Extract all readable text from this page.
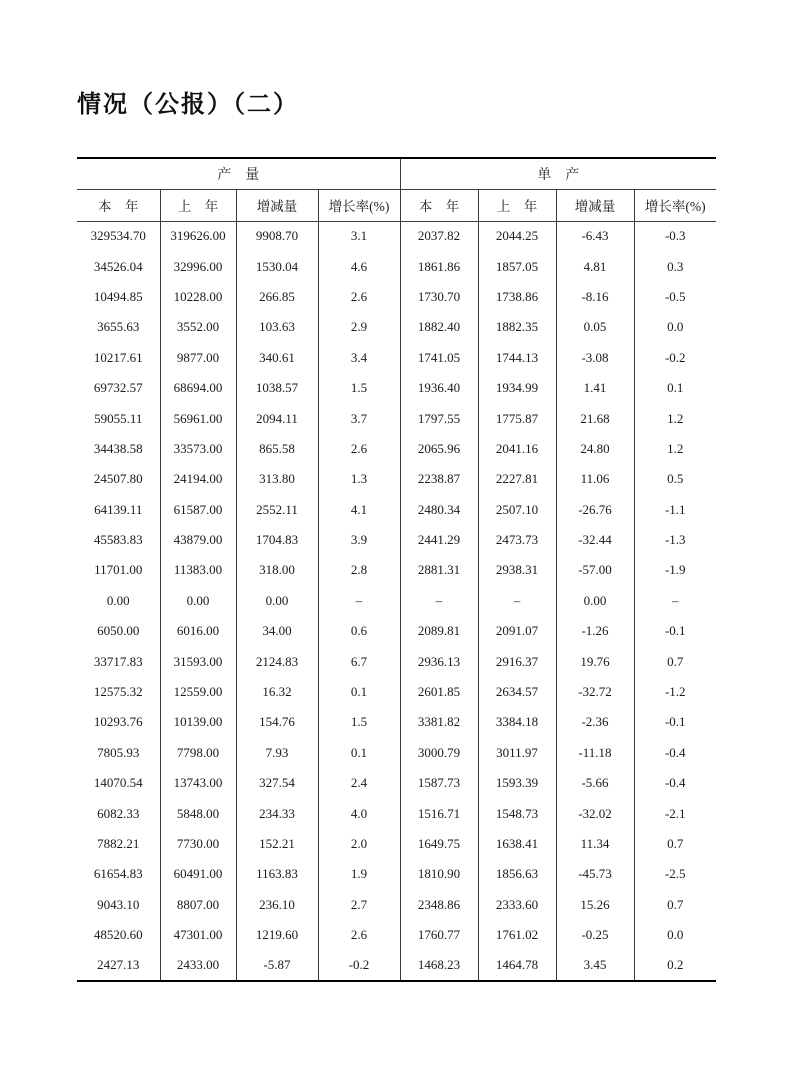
情况（公报）（二）
产　量				单　产			
本　年	上　年	增减量	增长率(%)	本　年	上　年	增减量	增长率(%)
329534.70	319626.00	9908.70	3.1	2037.82	2044.25	-6.43	-0.3
34526.04	32996.00	1530.04	4.6	1861.86	1857.05	4.81	0.3
10494.85	10228.00	266.85	2.6	1730.70	1738.86	-8.16	-0.5
3655.63	3552.00	103.63	2.9	1882.40	1882.35	0.05	0.0
10217.61	9877.00	340.61	3.4	1741.05	1744.13	-3.08	-0.2
69732.57	68694.00	1038.57	1.5	1936.40	1934.99	1.41	0.1
59055.11	56961.00	2094.11	3.7	1797.55	1775.87	21.68	1.2
34438.58	33573.00	865.58	2.6	2065.96	2041.16	24.80	1.2
24507.80	24194.00	313.80	1.3	2238.87	2227.81	11.06	0.5
64139.11	61587.00	2552.11	4.1	2480.34	2507.10	-26.76	-1.1
45583.83	43879.00	1704.83	3.9	2441.29	2473.73	-32.44	-1.3
11701.00	11383.00	318.00	2.8	2881.31	2938.31	-57.00	-1.9
0.00	0.00	0.00	–	–	–	0.00	–
6050.00	6016.00	34.00	0.6	2089.81	2091.07	-1.26	-0.1
33717.83	31593.00	2124.83	6.7	2936.13	2916.37	19.76	0.7
12575.32	12559.00	16.32	0.1	2601.85	2634.57	-32.72	-1.2
10293.76	10139.00	154.76	1.5	3381.82	3384.18	-2.36	-0.1
7805.93	7798.00	7.93	0.1	3000.79	3011.97	-11.18	-0.4
14070.54	13743.00	327.54	2.4	1587.73	1593.39	-5.66	-0.4
6082.33	5848.00	234.33	4.0	1516.71	1548.73	-32.02	-2.1
7882.21	7730.00	152.21	2.0	1649.75	1638.41	11.34	0.7
61654.83	60491.00	1163.83	1.9	1810.90	1856.63	-45.73	-2.5
9043.10	8807.00	236.10	2.7	2348.86	2333.60	15.26	0.7
48520.60	47301.00	1219.60	2.6	1760.77	1761.02	-0.25	0.0
2427.13	2433.00	-5.87	-0.2	1468.23	1464.78	3.45	0.2
